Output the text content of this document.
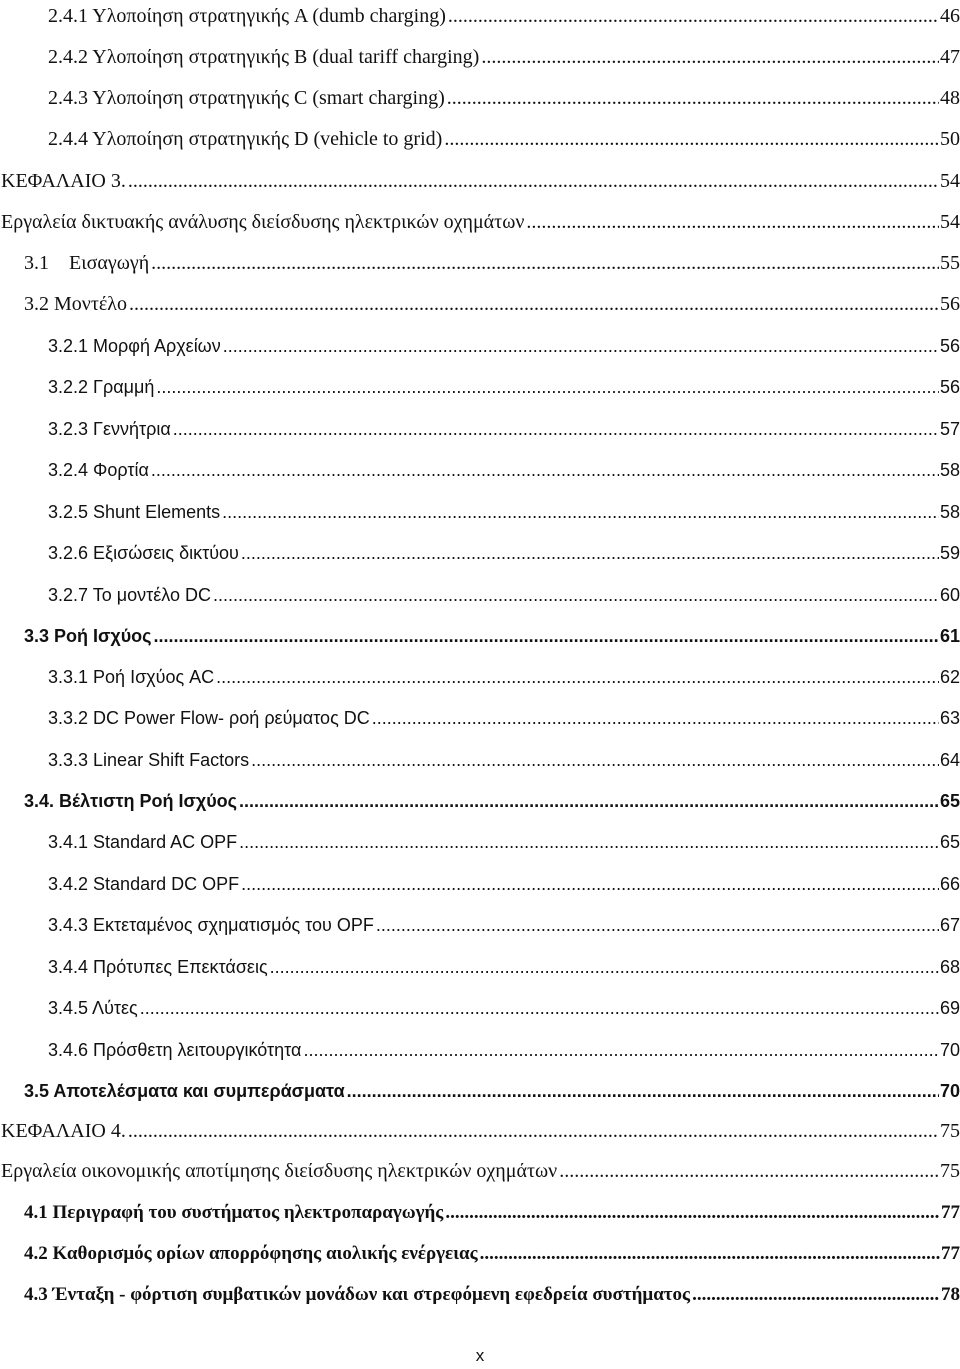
2.4.1 Υλοποίηση στρατηγικής A (dumb charging) .....	46
2.4.2 Υλοποίηση στρατηγικής B (dual tariff charging) .....	47
2.4.3 Υλοποίηση στρατηγικής C (smart charging) .....	48
2.4.4 Υλοποίηση στρατηγικής D (vehicle to grid) .....	50
ΚΕΦΑΛΑΙΟ 3. .....	54
Εργαλεία δικτυακής ανάλυσης διείσδυσης ηλεκτρικών οχημάτων .....	54
3.1    Εισαγωγή .....	55
3.2 Μοντέλο .....	56
3.2.1 Μορφή Αρχείων .....	56
3.2.2 Γραμμή .....	56
3.2.3 Γεννήτρια .....	57
3.2.4 Φορτία .....	58
3.2.5 Shunt Elements .....	58
3.2.6 Εξισώσεις δικτύου .....	59
3.2.7 Το μοντέλο DC .....	60
3.3 Ροή Ισχύος .....	61
3.3.1 Ροή Ισχύος AC .....	62
3.3.2 DC Power Flow- ροή ρεύματος DC .....	63
3.3.3 Linear Shift Factors .....	64
3.4. Βέλτιστη Ροή Ισχύος .....	65
3.4.1 Standard AC OPF .....	65
3.4.2 Standard DC OPF .....	66
3.4.3 Εκτεταμένος σχηματισμός του OPF .....	67
3.4.4 Πρότυπες Επεκτάσεις .....	68
3.4.5 Λύτες .....	69
3.4.6 Πρόσθετη λειτουργικότητα .....	70
3.5 Αποτελέσματα και συμπεράσματα .....	70
ΚΕΦΑΛΑΙΟ 4. .....	75
Εργαλεία οικονομικής αποτίμησης διείσδυσης ηλεκτρικών οχημάτων .....	75
4.1 Περιγραφή του συστήματος ηλεκτροπαραγωγής .....	77
4.2 Καθορισμός ορίων απορρόφησης αιολικής ενέργειας .....	77
4.3 Ένταξη - φόρτιση συμβατικών μονάδων και στρεφόμενη εφεδρεία συστήματος .....	78
x
